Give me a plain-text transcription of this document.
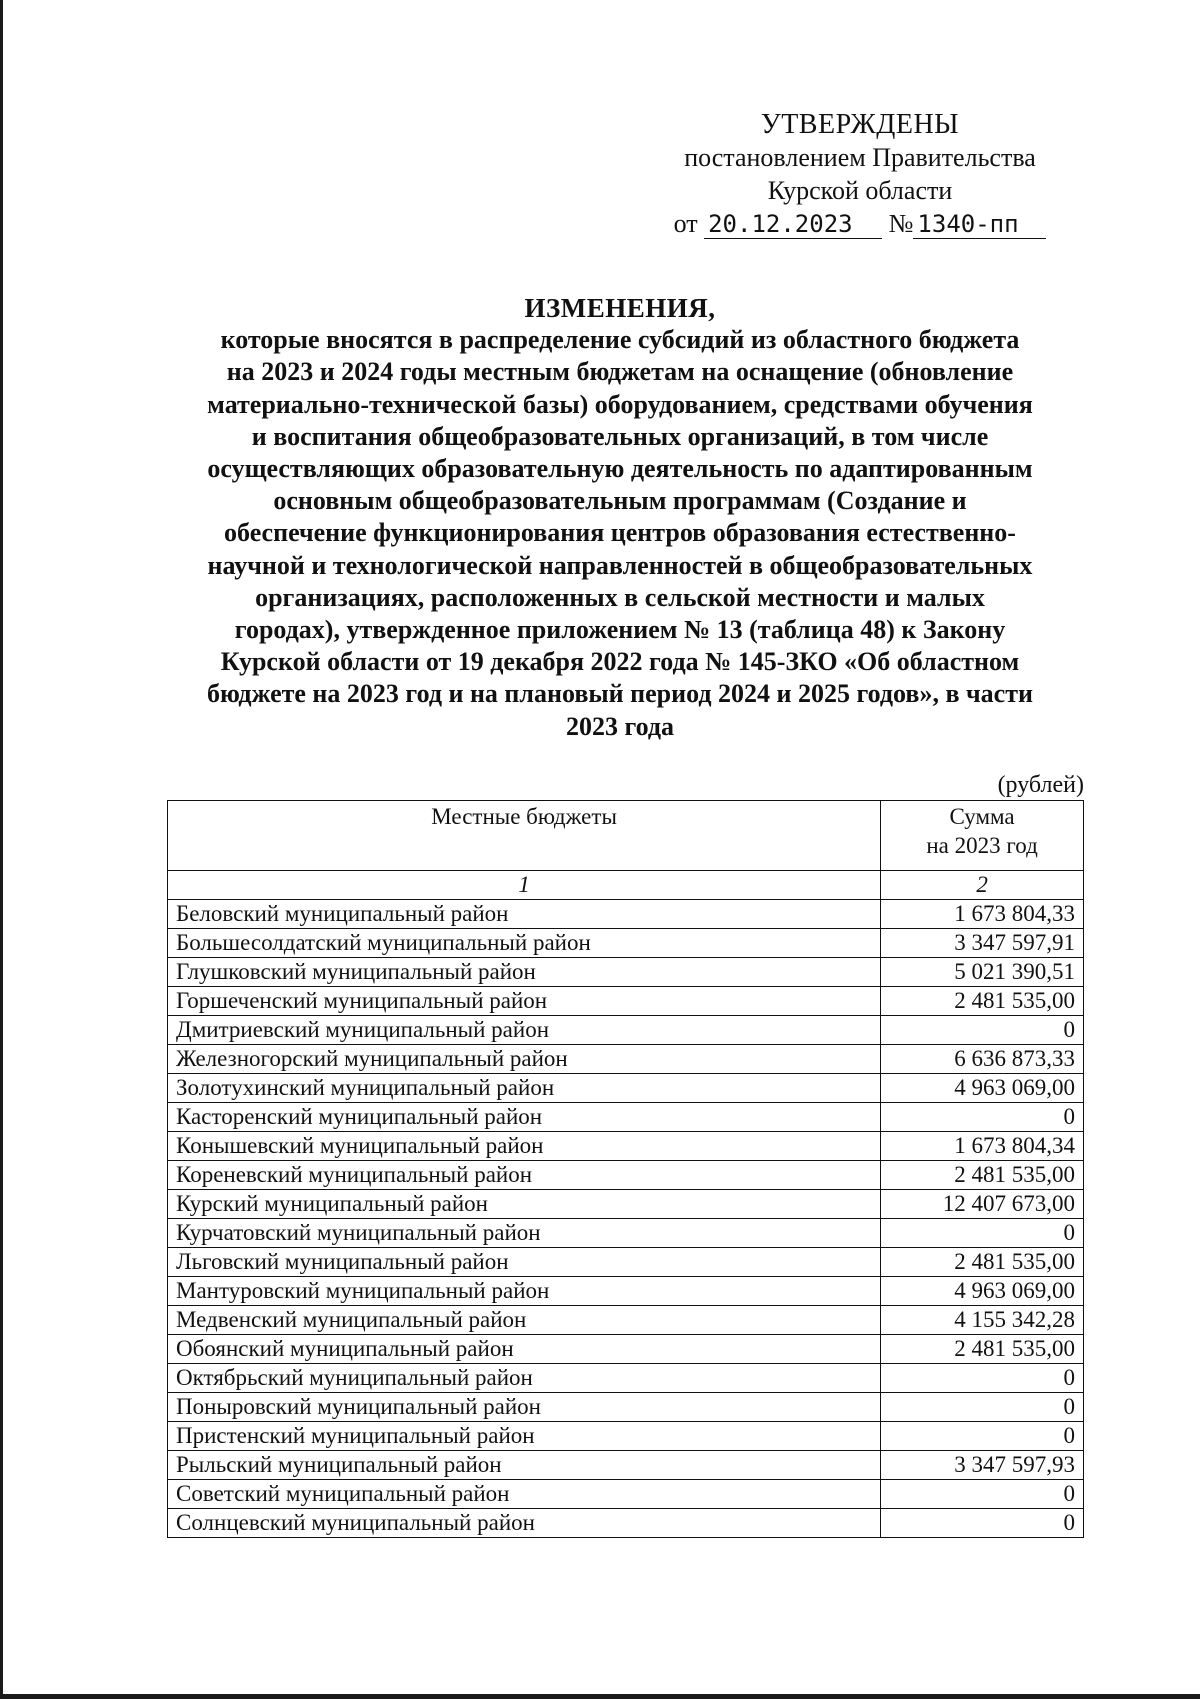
УТВЕРЖДЕНЫ
постановлением Правительства
Курской области
от 20.12.2023 № 1340-пп
ИЗМЕНЕНИЯ,
которые вносятся в распределение субсидий из областного бюджета
на 2023 и 2024 годы местным бюджетам на оснащение (обновление
материально-технической базы) оборудованием, средствами обучения
и воспитания общеобразовательных организаций, в том числе
осуществляющих образовательную деятельность по адаптированным
основным общеобразовательным программам (Создание и
обеспечение функционирования центров образования естественно-
научной и технологической направленностей в общеобразовательных
организациях, расположенных в сельской местности и малых
городах), утвержденное приложением № 13 (таблица 48) к Закону
Курской области от 19 декабря 2022 года № 145-ЗКО «Об областном
бюджете на 2023 год и на плановый период 2024 и 2025 годов», в части
2023 года
(рублей)
Местные бюджеты	Сумма
на 2023 год

1	2
Беловский муниципальный район	1 673 804,33
Большесолдатский муниципальный район	3 347 597,91
Глушковский муниципальный район	5 021 390,51
Горшеченский муниципальный район	2 481 535,00
Дмитриевский муниципальный район	0
Железногорский муниципальный район	6 636 873,33
Золотухинский муниципальный район	4 963 069,00
Касторенский муниципальный район	0
Конышевский муниципальный район	1 673 804,34
Кореневский муниципальный район	2 481 535,00
Курский муниципальный район	12 407 673,00
Курчатовский муниципальный район	0
Льговский муниципальный район	2 481 535,00
Мантуровский муниципальный район	4 963 069,00
Медвенский муниципальный район	4 155 342,28
Обоянский муниципальный район	2 481 535,00
Октябрьский муниципальный район	0
Поныровский муниципальный район	0
Пристенский муниципальный район	0
Рыльский муниципальный район	3 347 597,93
Советский муниципальный район	0
Солнцевский муниципальный район	0
